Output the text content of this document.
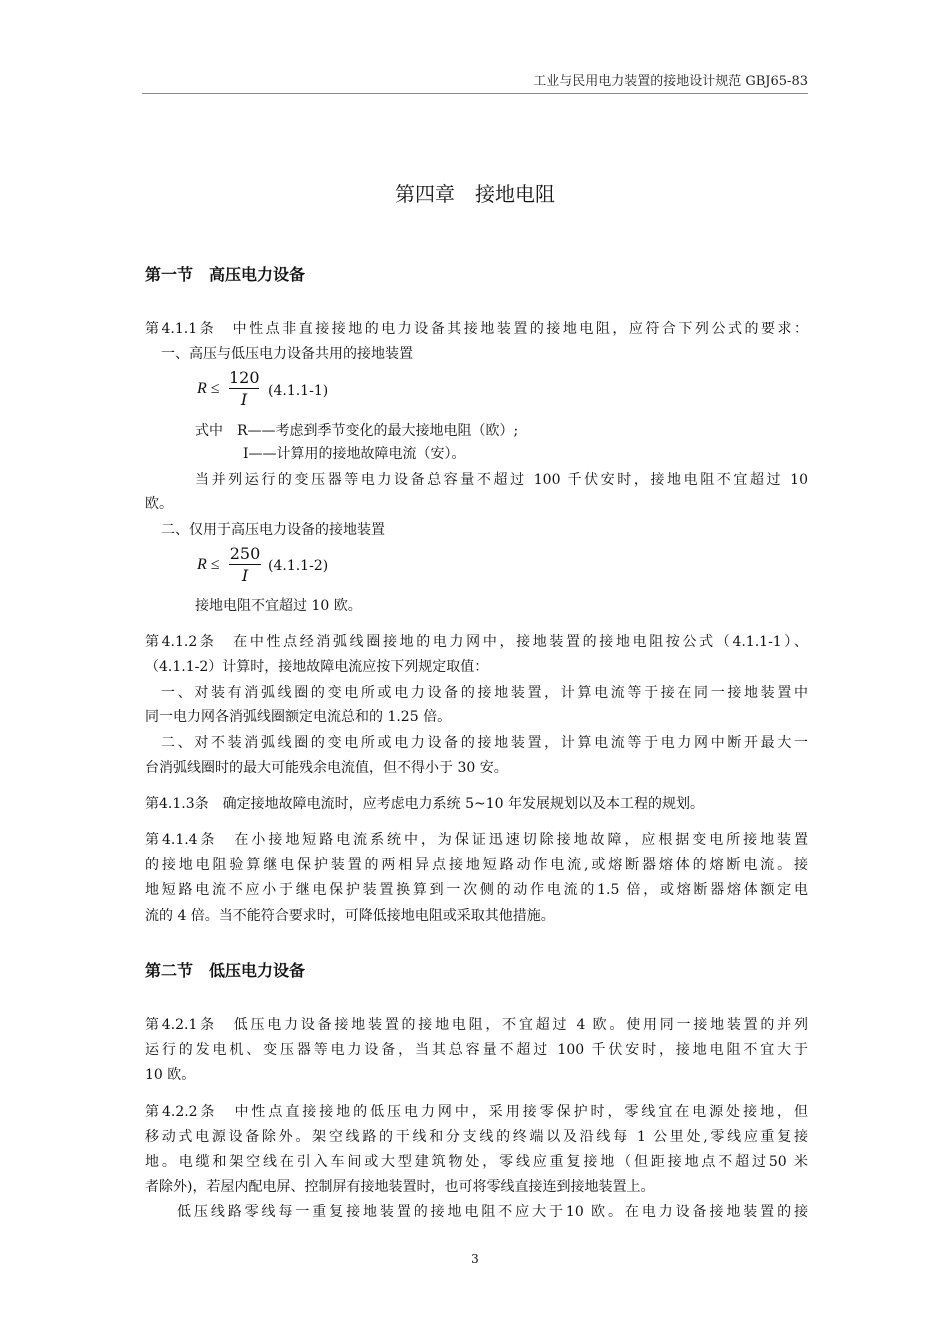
工业与民用电力装置的接地设计规范 GBJ65-83
第四章　接地电阻
第一节　高压电力设备
第4.1.1条　中性点非直接接地的电力设备其接地装置的接地电阻，应符合下列公式的要求：
一、高压与低压电力设备共用的接地装置
R ≤
120
I	(4.1.1-1)
式中　R——考虑到季节变化的最大接地电阻（欧）;
I——计算用的接地故障电流（安）。
当并列运行的变压器等电力设备总容量不超过 100 千伏安时，接地电阻不宜超过 10
欧。
二、仅用于高压电力设备的接地装置
R ≤
250
I	(4.1.1-2)
接地电阻不宜超过 10 欧。
第4.1.2条　在中性点经消弧线圈接地的电力网中，接地装置的接地电阻按公式（4.1.1-1）、
（4.1.1-2）计算时，接地故障电流应按下列规定取值：
一、对装有消弧线圈的变电所或电力设备的接地装置，计算电流等于接在同一接地装置中
同一电力网各消弧线圈额定电流总和的 1.25 倍。
二、对不装消弧线圈的变电所或电力设备的接地装置，计算电流等于电力网中断开最大一
台消弧线圈时的最大可能残余电流值，但不得小于 30 安。
第4.1.3条　确定接地故障电流时，应考虑电力系统 5~10 年发展规划以及本工程的规划。
第4.1.4条　在小接地短路电流系统中，为保证迅速切除接地故障，应根据变电所接地装置
的接地电阻验算继电保护装置的两相异点接地短路动作电流,或熔断器熔体的熔断电流。接
地短路电流不应小于继电保护装置换算到一次侧的动作电流的1.5 倍，或熔断器熔体额定电
流的 4 倍。当不能符合要求时，可降低接地电阻或采取其他措施。
第二节　低压电力设备
第4.2.1条　低压电力设备接地装置的接地电阻，不宜超过 4 欧。使用同一接地装置的并列
运行的发电机、变压器等电力设备，当其总容量不超过 100 千伏安时，接地电阻不宜大于
10 欧。
第4.2.2条　中性点直接接地的低压电力网中，采用接零保护时，零线宜在电源处接地，但
移动式电源设备除外。架空线路的干线和分支线的终端以及沿线每 1 公里处,零线应重复接
地。电缆和架空线在引入车间或大型建筑物处，零线应重复接地（但距接地点不超过50 米
者除外)，若屋内配电屏、控制屏有接地装置时，也可将零线直接连到接地装置上。
低压线路零线每一重复接地装置的接地电阻不应大于10 欧。在电力设备接地装置的接
3
